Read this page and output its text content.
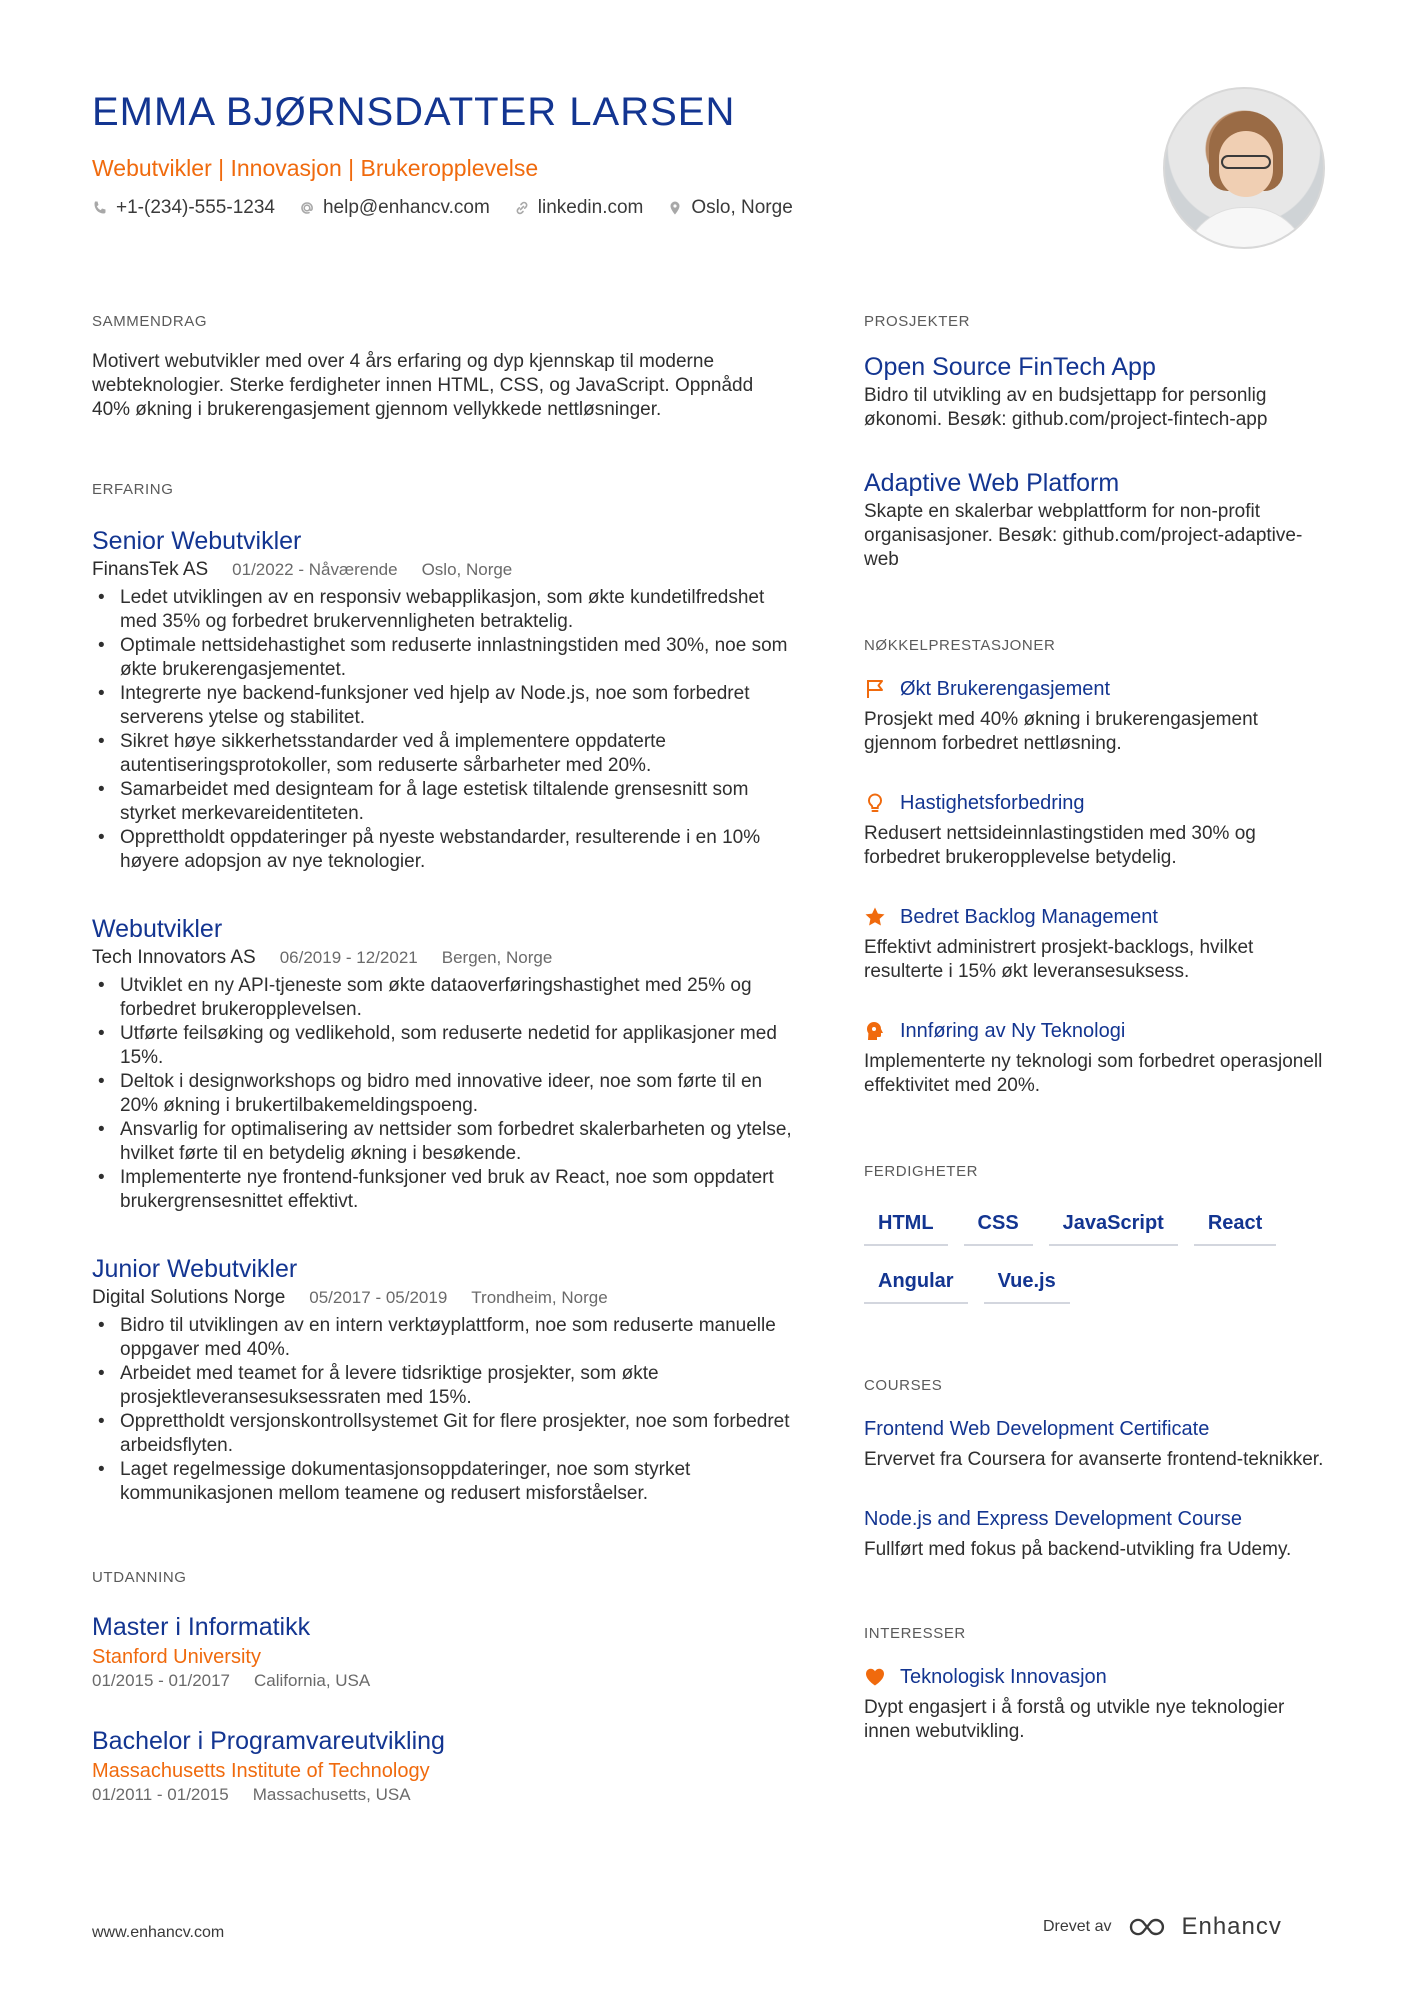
EMMA BJØRNSDATTER LARSEN
Webutvikler | Innovasjon | Brukeropplevelse
+1-(234)-555-1234	help@enhancv.com	linkedin.com	Oslo, Norge
SAMMENDRAG
Motivert webutvikler med over 4 års erfaring og dyp kjennskap til moderne webteknologier. Sterke ferdigheter innen HTML, CSS, og JavaScript. Oppnådd 40% økning i brukerengasjement gjennom vellykkede nettløsninger.
ERFARING
Senior Webutvikler
FinansTek AS 01/2022 - Nåværende Oslo, Norge
• Ledet utviklingen av en responsiv webapplikasjon, som økte kundetilfredshet med 35% og forbedret brukervennligheten betraktelig.
• Optimale nettsidehastighet som reduserte innlastningstiden med 30%, noe som økte brukerengasjementet.
• Integrerte nye backend-funksjoner ved hjelp av Node.js, noe som forbedret serverens ytelse og stabilitet.
• Sikret høye sikkerhetsstandarder ved å implementere oppdaterte autentiseringsprotokoller, som reduserte sårbarheter med 20%.
• Samarbeidet med designteam for å lage estetisk tiltalende grensesnitt som styrket merkevareidentiteten.
• Opprettholdt oppdateringer på nyeste webstandarder, resulterende i en 10% høyere adopsjon av nye teknologier.
Webutvikler
Tech Innovators AS 06/2019 - 12/2021 Bergen, Norge
• Utviklet en ny API-tjeneste som økte dataoverføringshastighet med 25% og forbedret brukeropplevelsen.
• Utførte feilsøking og vedlikehold, som reduserte nedetid for applikasjoner med 15%.
• Deltok i designworkshops og bidro med innovative ideer, noe som førte til en 20% økning i brukertilbakemeldingspoeng.
• Ansvarlig for optimalisering av nettsider som forbedret skalerbarheten og ytelse, hvilket førte til en betydelig økning i besøkende.
• Implementerte nye frontend-funksjoner ved bruk av React, noe som oppdatert brukergrensesnittet effektivt.
Junior Webutvikler
Digital Solutions Norge 05/2017 - 05/2019 Trondheim, Norge
• Bidro til utviklingen av en intern verktøyplattform, noe som reduserte manuelle oppgaver med 40%.
• Arbeidet med teamet for å levere tidsriktige prosjekter, som økte prosjektleveransesuksessraten med 15%.
• Opprettholdt versjonskontrollsystemet Git for flere prosjekter, noe som forbedret arbeidsflyten.
• Laget regelmessige dokumentasjonsoppdateringer, noe som styrket kommunikasjonen mellom teamene og redusert misforståelser.
UTDANNING
Master i Informatikk
Stanford University
01/2015 - 01/2017 California, USA
Bachelor i Programvareutvikling
Massachusetts Institute of Technology
01/2011 - 01/2015 Massachusetts, USA
PROSJEKTER
Open Source FinTech App
Bidro til utvikling av en budsjettapp for personlig økonomi. Besøk: github.com/project-fintech-app
Adaptive Web Platform
Skapte en skalerbar webplattform for non-profit organisasjoner. Besøk: github.com/project-adaptive-web
NØKKELPRESTASJONER
Økt Brukerengasjement
Prosjekt med 40% økning i brukerengasjement gjennom forbedret nettløsning.
Hastighetsforbedring
Redusert nettsideinnlastingstiden med 30% og forbedret brukeropplevelse betydelig.
Bedret Backlog Management
Effektivt administrert prosjekt-backlogs, hvilket resulterte i 15% økt leveransesuksess.
Innføring av Ny Teknologi
Implementerte ny teknologi som forbedret operasjonell effektivitet med 20%.
FERDIGHETER
HTML	CSS	JavaScript	React
Angular	Vue.js
COURSES
Frontend Web Development Certificate
Ervervet fra Coursera for avanserte frontend-teknikker.
Node.js and Express Development Course
Fullført med fokus på backend-utvikling fra Udemy.
INTERESSER
Teknologisk Innovasjon
Dypt engasjert i å forstå og utvikle nye teknologier innen webutvikling.
www.enhancv.com	Drevet av	Enhancv
